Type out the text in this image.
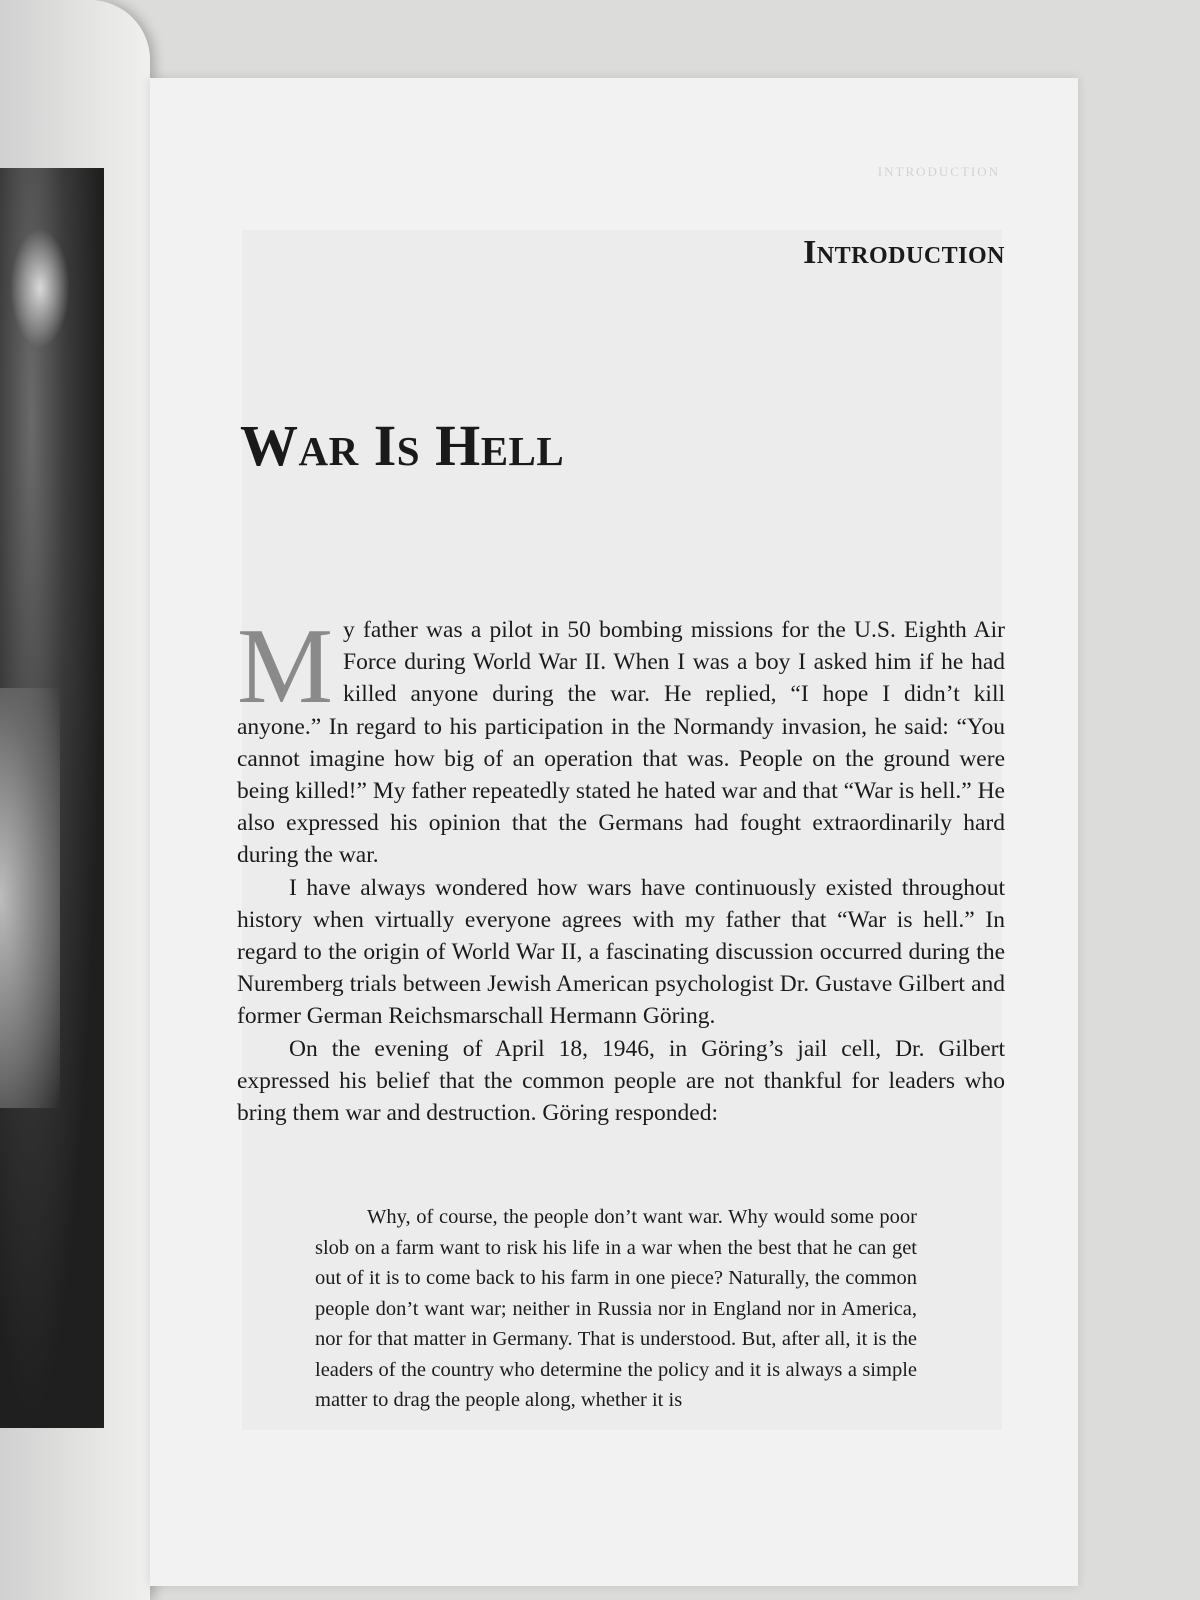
INTRODUCTION
Introduction
War Is Hell

My father was a pilot in 50 bombing missions for the U.S. Eighth Air Force during World War II. When I was a boy I asked him if he had killed anyone during the war. He replied, “I hope I didn’t kill anyone.” In regard to his participation in the Normandy invasion, he said: “You cannot imagine how big of an operation that was. People on the ground were being killed!” My father repeatedly stated he hated war and that “War is hell.” He also expressed his opinion that the Germans had fought extraordinarily hard during the war.

I have always wondered how wars have continuously existed throughout history when virtually everyone agrees with my father that “War is hell.” In regard to the origin of World War II, a fascinating discussion occurred during the Nuremberg trials between Jewish American psychologist Dr. Gustave Gilbert and former German Reichsmarschall Hermann Göring.

On the evening of April 18, 1946, in Göring’s jail cell, Dr. Gilbert expressed his belief that the common people are not thankful for leaders who bring them war and destruction. Göring responded:

Why, of course, the people don’t want war. Why would some poor slob on a farm want to risk his life in a war when the best that he can get out of it is to come back to his farm in one piece? Naturally, the common people don’t want war; neither in Russia nor in England nor in America, nor for that matter in Germany. That is understood. But, after all, it is the leaders of the country who determine the policy and it is always a simple matter to drag the people along, whether it is
